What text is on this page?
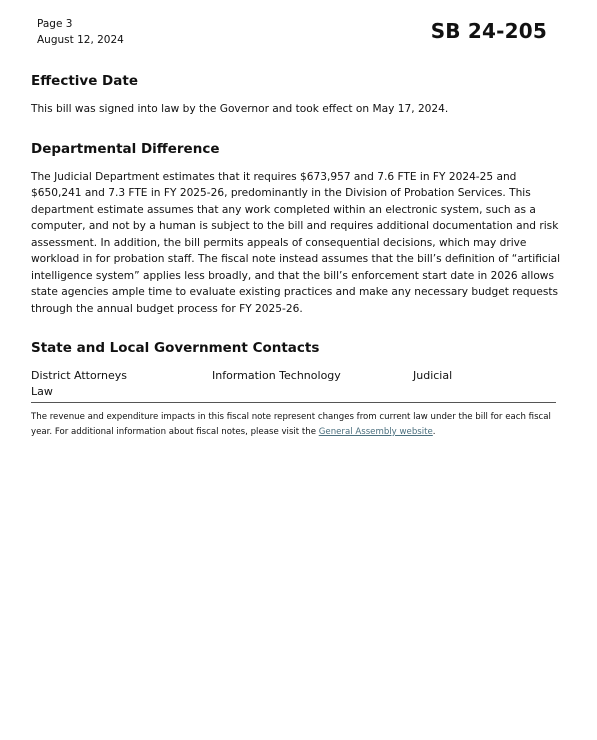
Page 3
August 12, 2024	SB 24-205
Effective Date

This bill was signed into law by the Governor and took effect on May 17, 2024.

Departmental Difference

The Judicial Department estimates that it requires $673,957 and 7.6 FTE in FY 2024-25 and $650,241 and 7.3 FTE in FY 2025-26, predominantly in the Division of Probation Services. This department estimate assumes that any work completed within an electronic system, such as a computer, and not by a human is subject to the bill and requires additional documentation and risk assessment. In addition, the bill permits appeals of consequential decisions, which may drive workload in for probation staff. The fiscal note instead assumes that the bill’s definition of “artificial intelligence system” applies less broadly, and that the bill’s enforcement start date in 2026 allows state agencies ample time to evaluate existing practices and make any necessary budget requests through the annual budget process for FY 2025-26.

State and Local Government Contacts
District Attorneys	Information Technology	Judicial
Law
The revenue and expenditure impacts in this fiscal note represent changes from current law under the bill for each fiscal year. For additional information about fiscal notes, please visit the General Assembly website.
